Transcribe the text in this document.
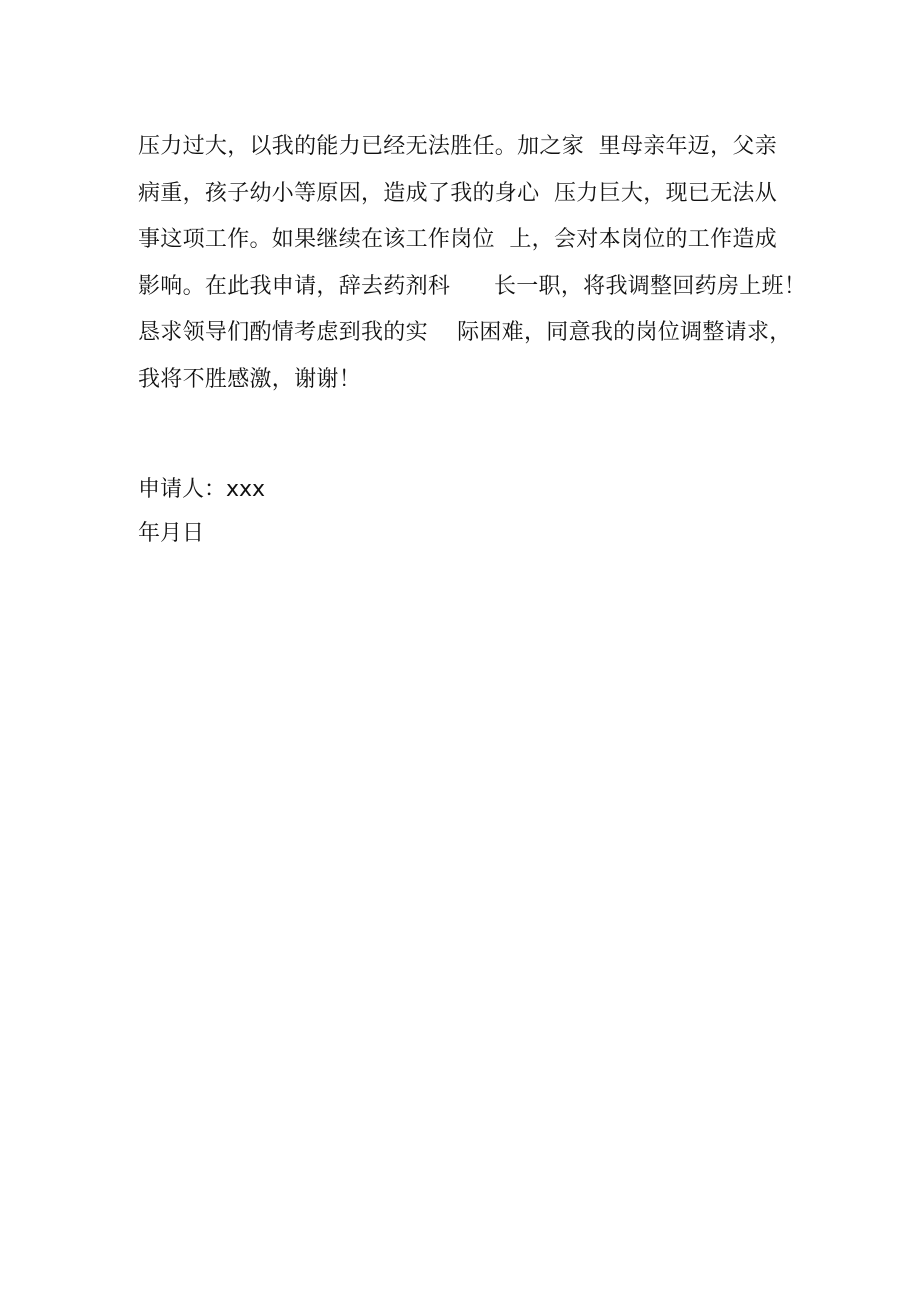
压力过大，以我的能力已经无法胜任。加之家  里母亲年迈，父亲
病重，孩子幼小等原因，造成了我的身心  压力巨大，现已无法从
事这项工作。如果继续在该工作岗位  上，会对本岗位的工作造成
影响。在此我申请，辞去药剂科      长一职，将我调整回药房上班！
恳求领导们酌情考虑到我的实    际困难，同意我的岗位调整请求，
我将不胜感激，谢谢！
申请人：xxx
年月日
